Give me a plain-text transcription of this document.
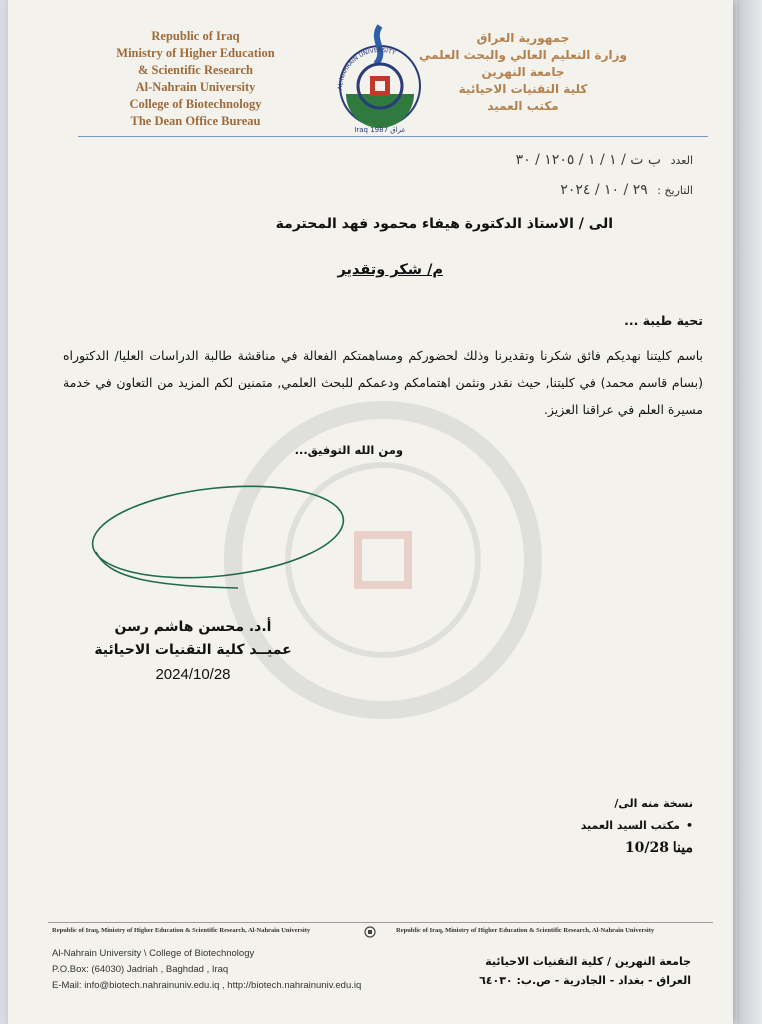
Republic of Iraq
Ministry of Higher Education
& Scientific Research
Al-Nahrain University
College of Biotechnology
The Dean Office Bureau
AL-NAHRAIN UNIVERSITY
Iraq 1987 عراق
جمهورية العراق
وزارة التعليم العالي والبحث العلمي
جامعة النهرين
كلية التقنيات الاحيائية
مكتب العميد
العدد ب ت / ١ / ١ / ١٢٠٥ / ٣٠
التاريخ : ٢٩ / ١٠ / ٢٠٢٤
الى / الاستاذ الدكتورة هيفاء محمود فهد المحترمة
م/ شكر وتقدير
تحية طيبة ...
باسم كليتنا نهديكم فائق شكرنا وتقديرنا وذلك لحضوركم ومساهمتكم الفعالة في مناقشة طالبة الدراسات العليا/ الدكتوراه (بسام قاسم محمد) في كليتنا, حيث نقدر ونثمن اهتمامكم ودعمكم للبحث العلمي, متمنين لكم المزيد من التعاون في خدمة مسيرة العلم في عراقنا العزيز.
ومن الله التوفيق...
أ.د. محسن هاشم رسن
عميــد كلية التقنيات الاحيائية
2024/10/28
نسخة منه الى/
• مكتب السيد العميد
مينا 10/28
Republic of Iraq, Ministry of Higher Education & Scientific Research, Al-Nahrain University	Republic of Iraq, Ministry of Higher Education & Scientific Research, Al-Nahrain University
Al-Nahrain University \ College of Biotechnology
P.O.Box: (64030) Jadriah , Baghdad , Iraq
E-Mail: info@biotech.nahrainuniv.edu.iq , http://biotech.nahrainuniv.edu.iq
جامعة النهرين / كلية التقنيات الاحيائية
العراق - بغداد - الجادرية - ص.ب: ٦٤٠٣٠
